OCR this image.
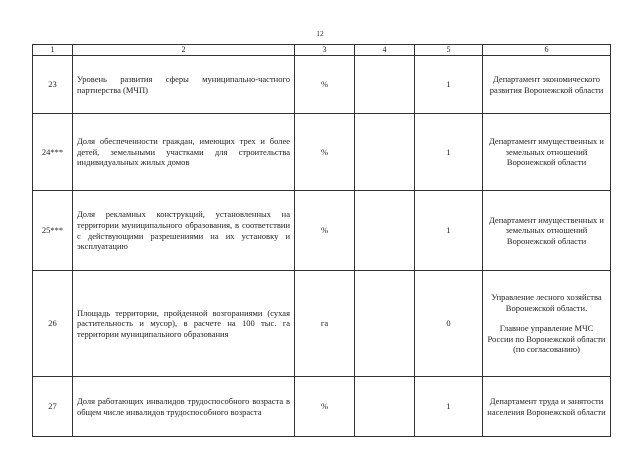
12
1	2	3	4	5	6
23	Уровень развития сферы муниципально-частного партнерства (МЧП)	%		1	Департамент экономического развития Воронежской области

24***	Доля обеспеченности граждан, имеющих трех и более детей, земельными участками для строительства индивидуальных жилых домов	%		1	Департамент имущественных и земельных отношений Воронежской области

25***	Доля рекламных конструкций, установленных на территории муниципального образования, в соответствии с действующими разрешениями на их установку и эксплуатацию	%		1	Департамент имущественных и земельных отношений Воронежской области

26	Площадь территории, пройденной возгораниями (сухая растительность и мусор), в расчете на 100 тыс. га территории муниципального образования	га		0	Управление лесного хозяйства Воронежской области.
Главное управление МЧС России по Воронежской области (по согласованию)

27	Доля работающих инвалидов трудоспособного возраста в общем числе инвалидов трудоспособного возраста	%		1	Департамент труда и занятости населения Воронежской области
